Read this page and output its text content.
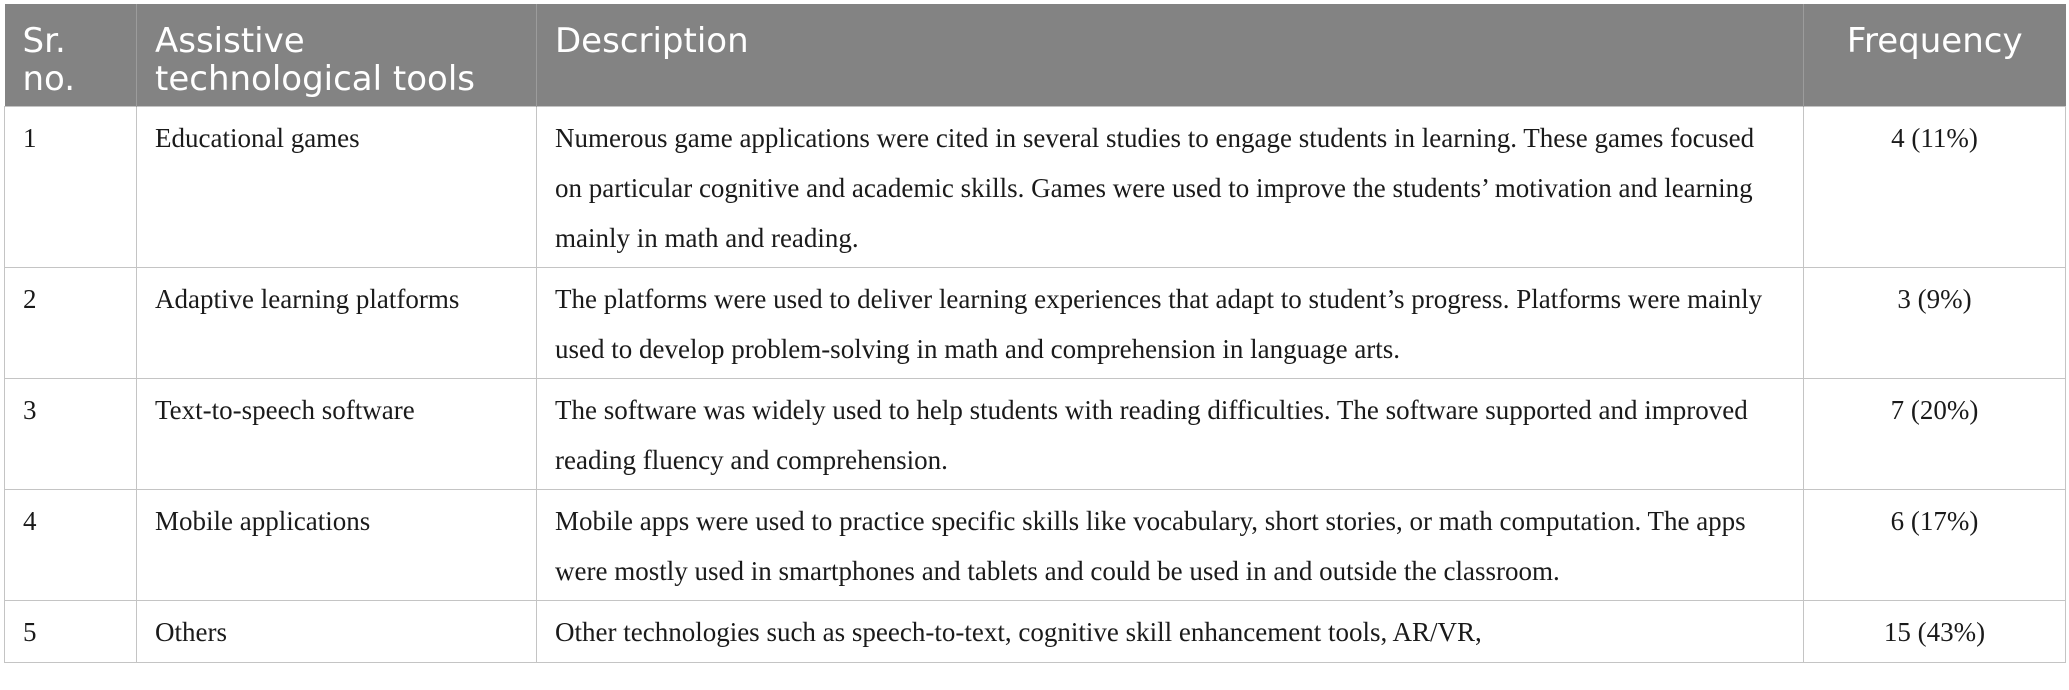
Sr. no.	Assistive technological tools	Description	Frequency
1	Educational games	Numerous game applications were cited in several studies to engage students in learning. These games focused on particular cognitive and academic skills. Games were used to improve the students’ motivation and learning mainly in math and reading.	4 (11%)
2	Adaptive learning platforms	The platforms were used to deliver learning experiences that adapt to student’s progress. Platforms were mainly used to develop problem-solving in math and comprehension in language arts.	3 (9%)
3	Text-to-speech software	The software was widely used to help students with reading difficulties. The software supported and improved reading fluency and comprehension.	7 (20%)
4	Mobile applications	Mobile apps were used to practice specific skills like vocabulary, short stories, or math computation. The apps were mostly used in smartphones and tablets and could be used in and outside the classroom.	6 (17%)
5	Others	Other technologies such as speech-to-text, cognitive skill enhancement tools, AR/VR,	15 (43%)
